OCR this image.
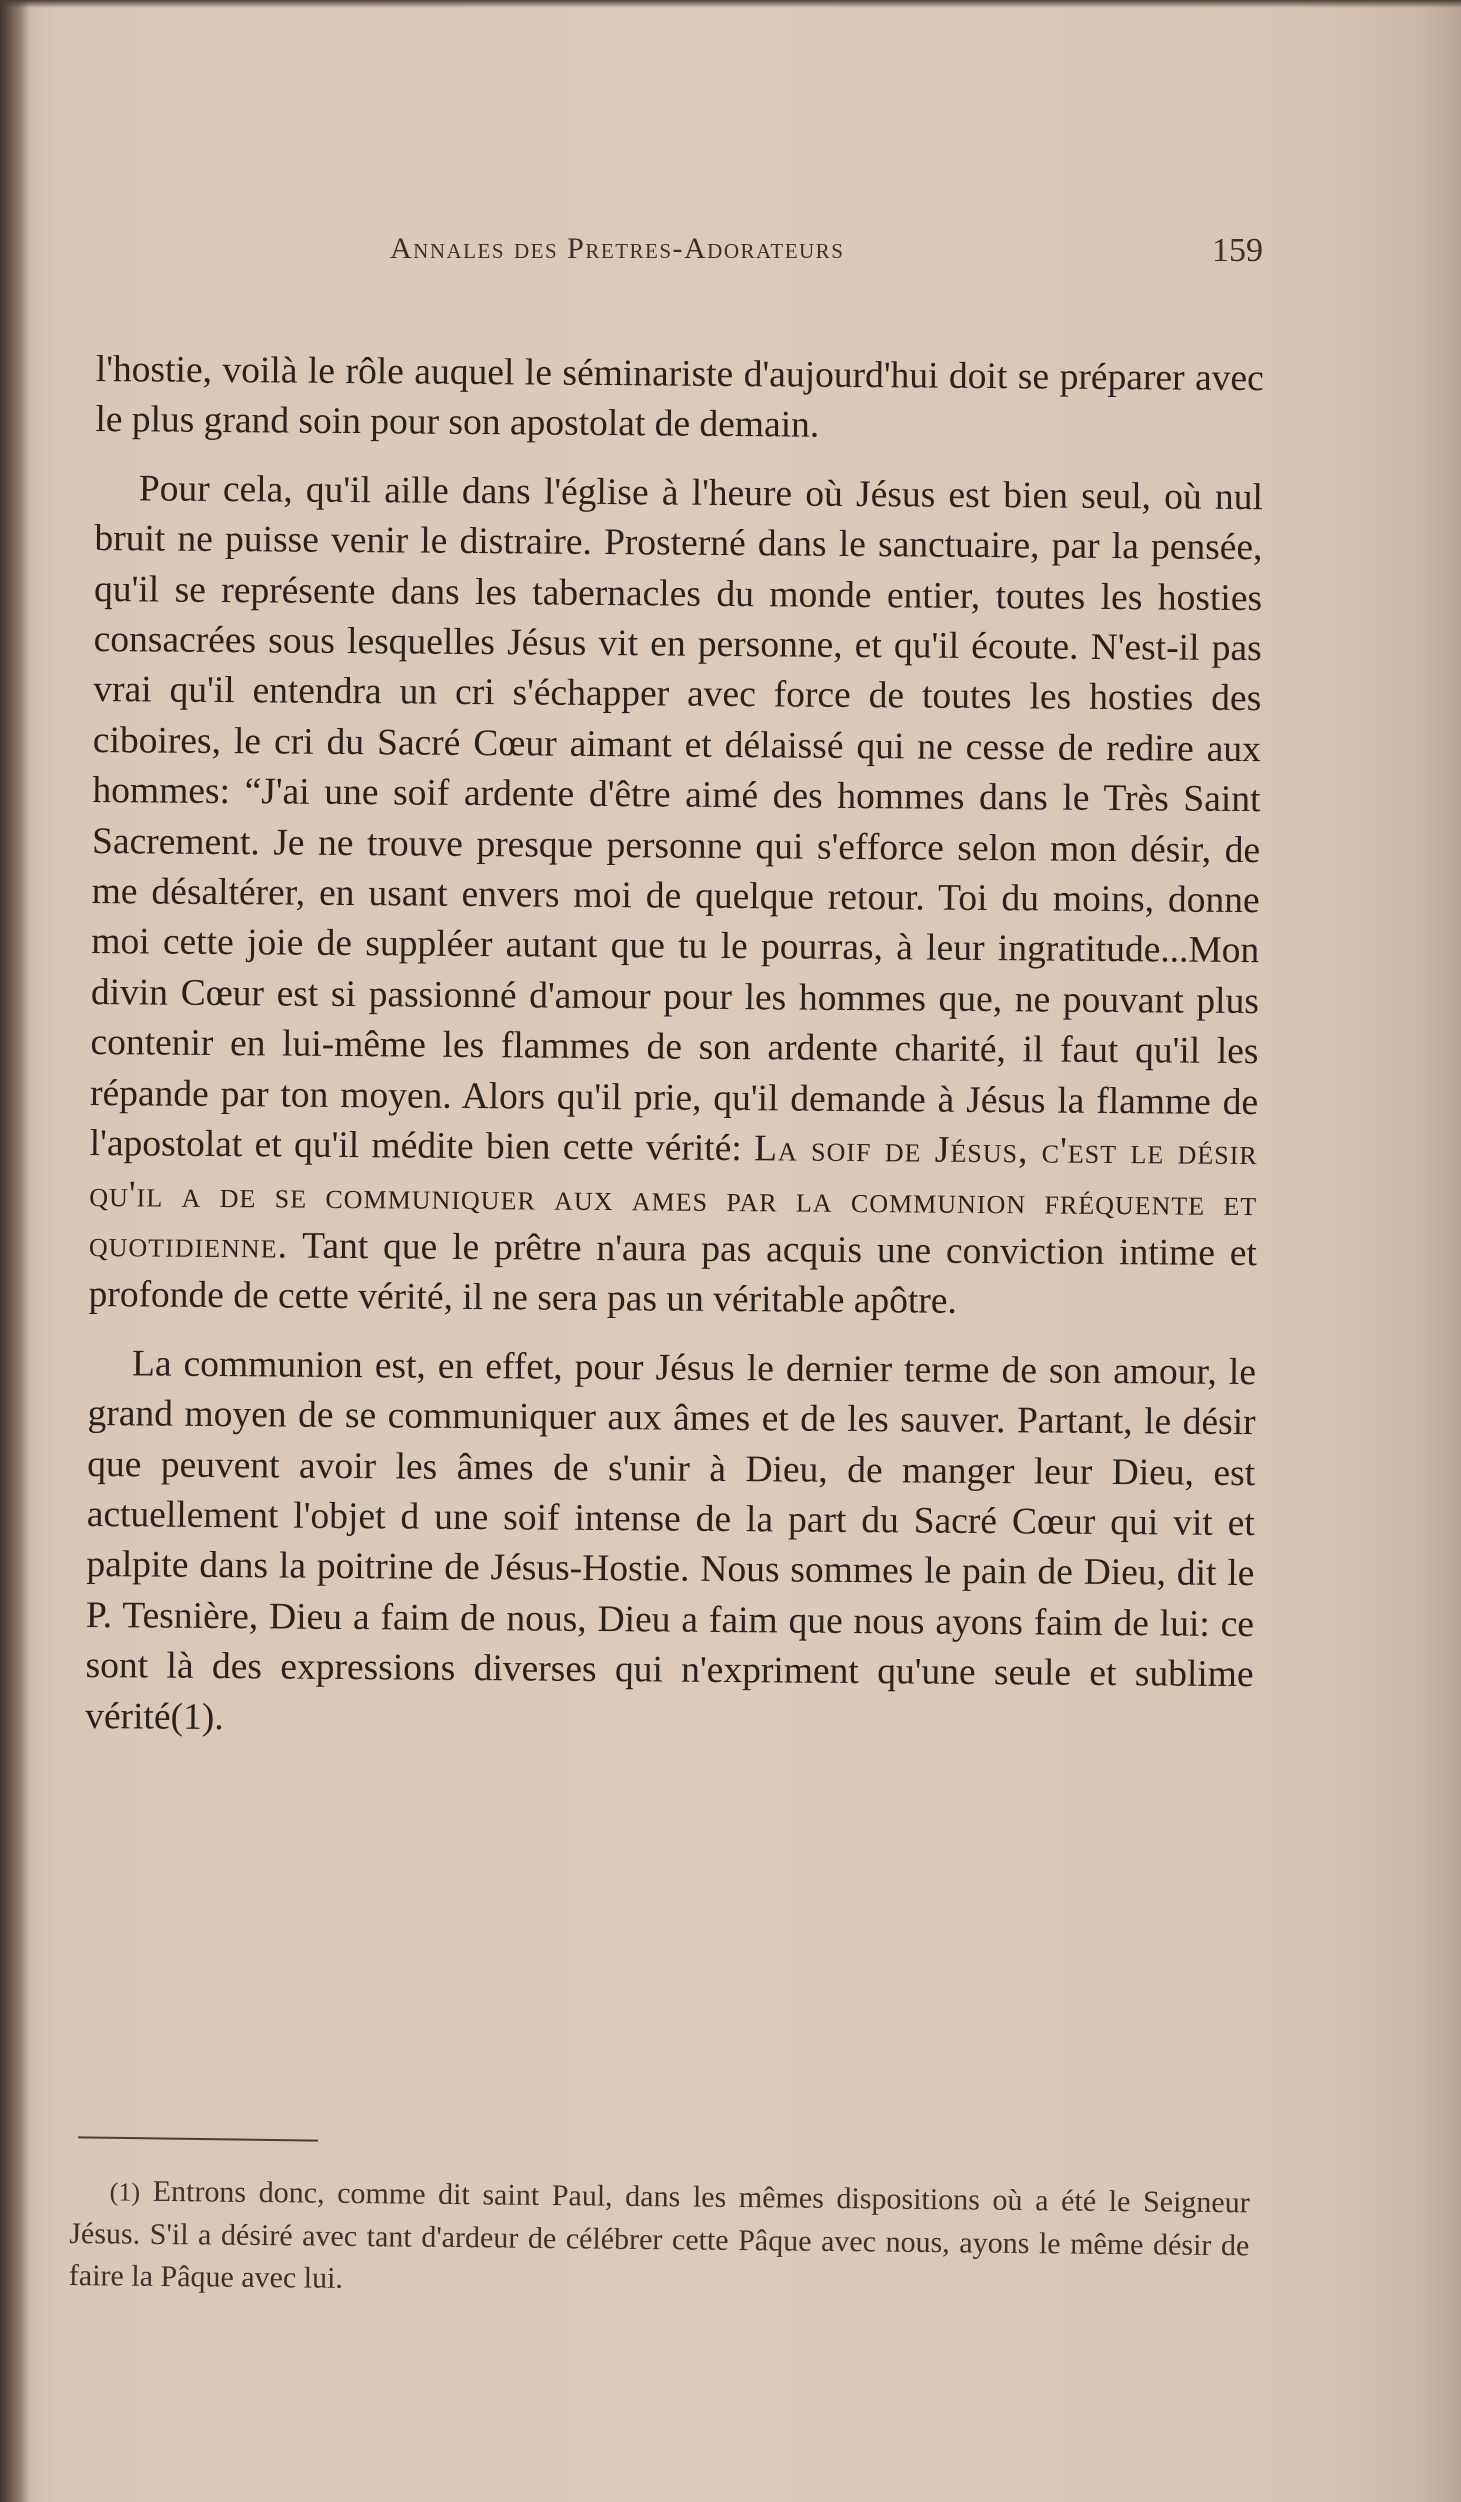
Annales des Pretres-Adorateurs	159

l'hostie, voilà le rôle auquel le séminariste d'aujourd'hui doit se préparer avec le plus grand soin pour son apostolat de demain.

Pour cela, qu'il aille dans l'église à l'heure où Jésus est bien seul, où nul bruit ne puisse venir le distraire. Prosterné dans le sanctuaire, par la pensée, qu'il se représente dans les tabernacles du monde entier, toutes les hosties consacrées sous lesquelles Jésus vit en personne, et qu'il écoute. N'est-il pas vrai qu'il entendra un cri s'échapper avec force de toutes les hosties des ciboires, le cri du Sacré Cœur aimant et délaissé qui ne cesse de redire aux hommes: “J'ai une soif ardente d'être aimé des hommes dans le Très Saint Sacrement. Je ne trouve presque personne qui s'efforce selon mon désir, de me désaltérer, en usant envers moi de quelque retour. Toi du moins, donne moi cette joie de suppléer autant que tu le pourras, à leur ingratitude...Mon divin Cœur est si passionné d'amour pour les hommes que, ne pouvant plus contenir en lui-même les flammes de son ardente charité, il faut qu'il les répande par ton moyen. Alors qu'il prie, qu'il demande à Jésus la flamme de l'apostolat et qu'il médite bien cette vérité: La soif de Jésus, c'est le désir qu'il a de se communiquer aux ames par la communion fréquente et quotidienne. Tant que le prêtre n'aura pas acquis une conviction intime et profonde de cette vérité, il ne sera pas un véritable apôtre.

La communion est, en effet, pour Jésus le dernier terme de son amour, le grand moyen de se communiquer aux âmes et de les sauver. Partant, le désir que peuvent avoir les âmes de s'unir à Dieu, de manger leur Dieu, est actuellement l'objet d une soif intense de la part du Sacré Cœur qui vit et palpite dans la poitrine de Jésus-Hostie. Nous sommes le pain de Dieu, dit le P. Tesnière, Dieu a faim de nous, Dieu a faim que nous ayons faim de lui: ce sont là des expressions diverses qui n'expriment qu'une seule et sublime vérité(1).

(1) Entrons donc, comme dit saint Paul, dans les mêmes dispositions où a été le Seigneur Jésus. S'il a désiré avec tant d'ardeur de célébrer cette Pâque avec nous, ayons le même désir de faire la Pâque avec lui.
